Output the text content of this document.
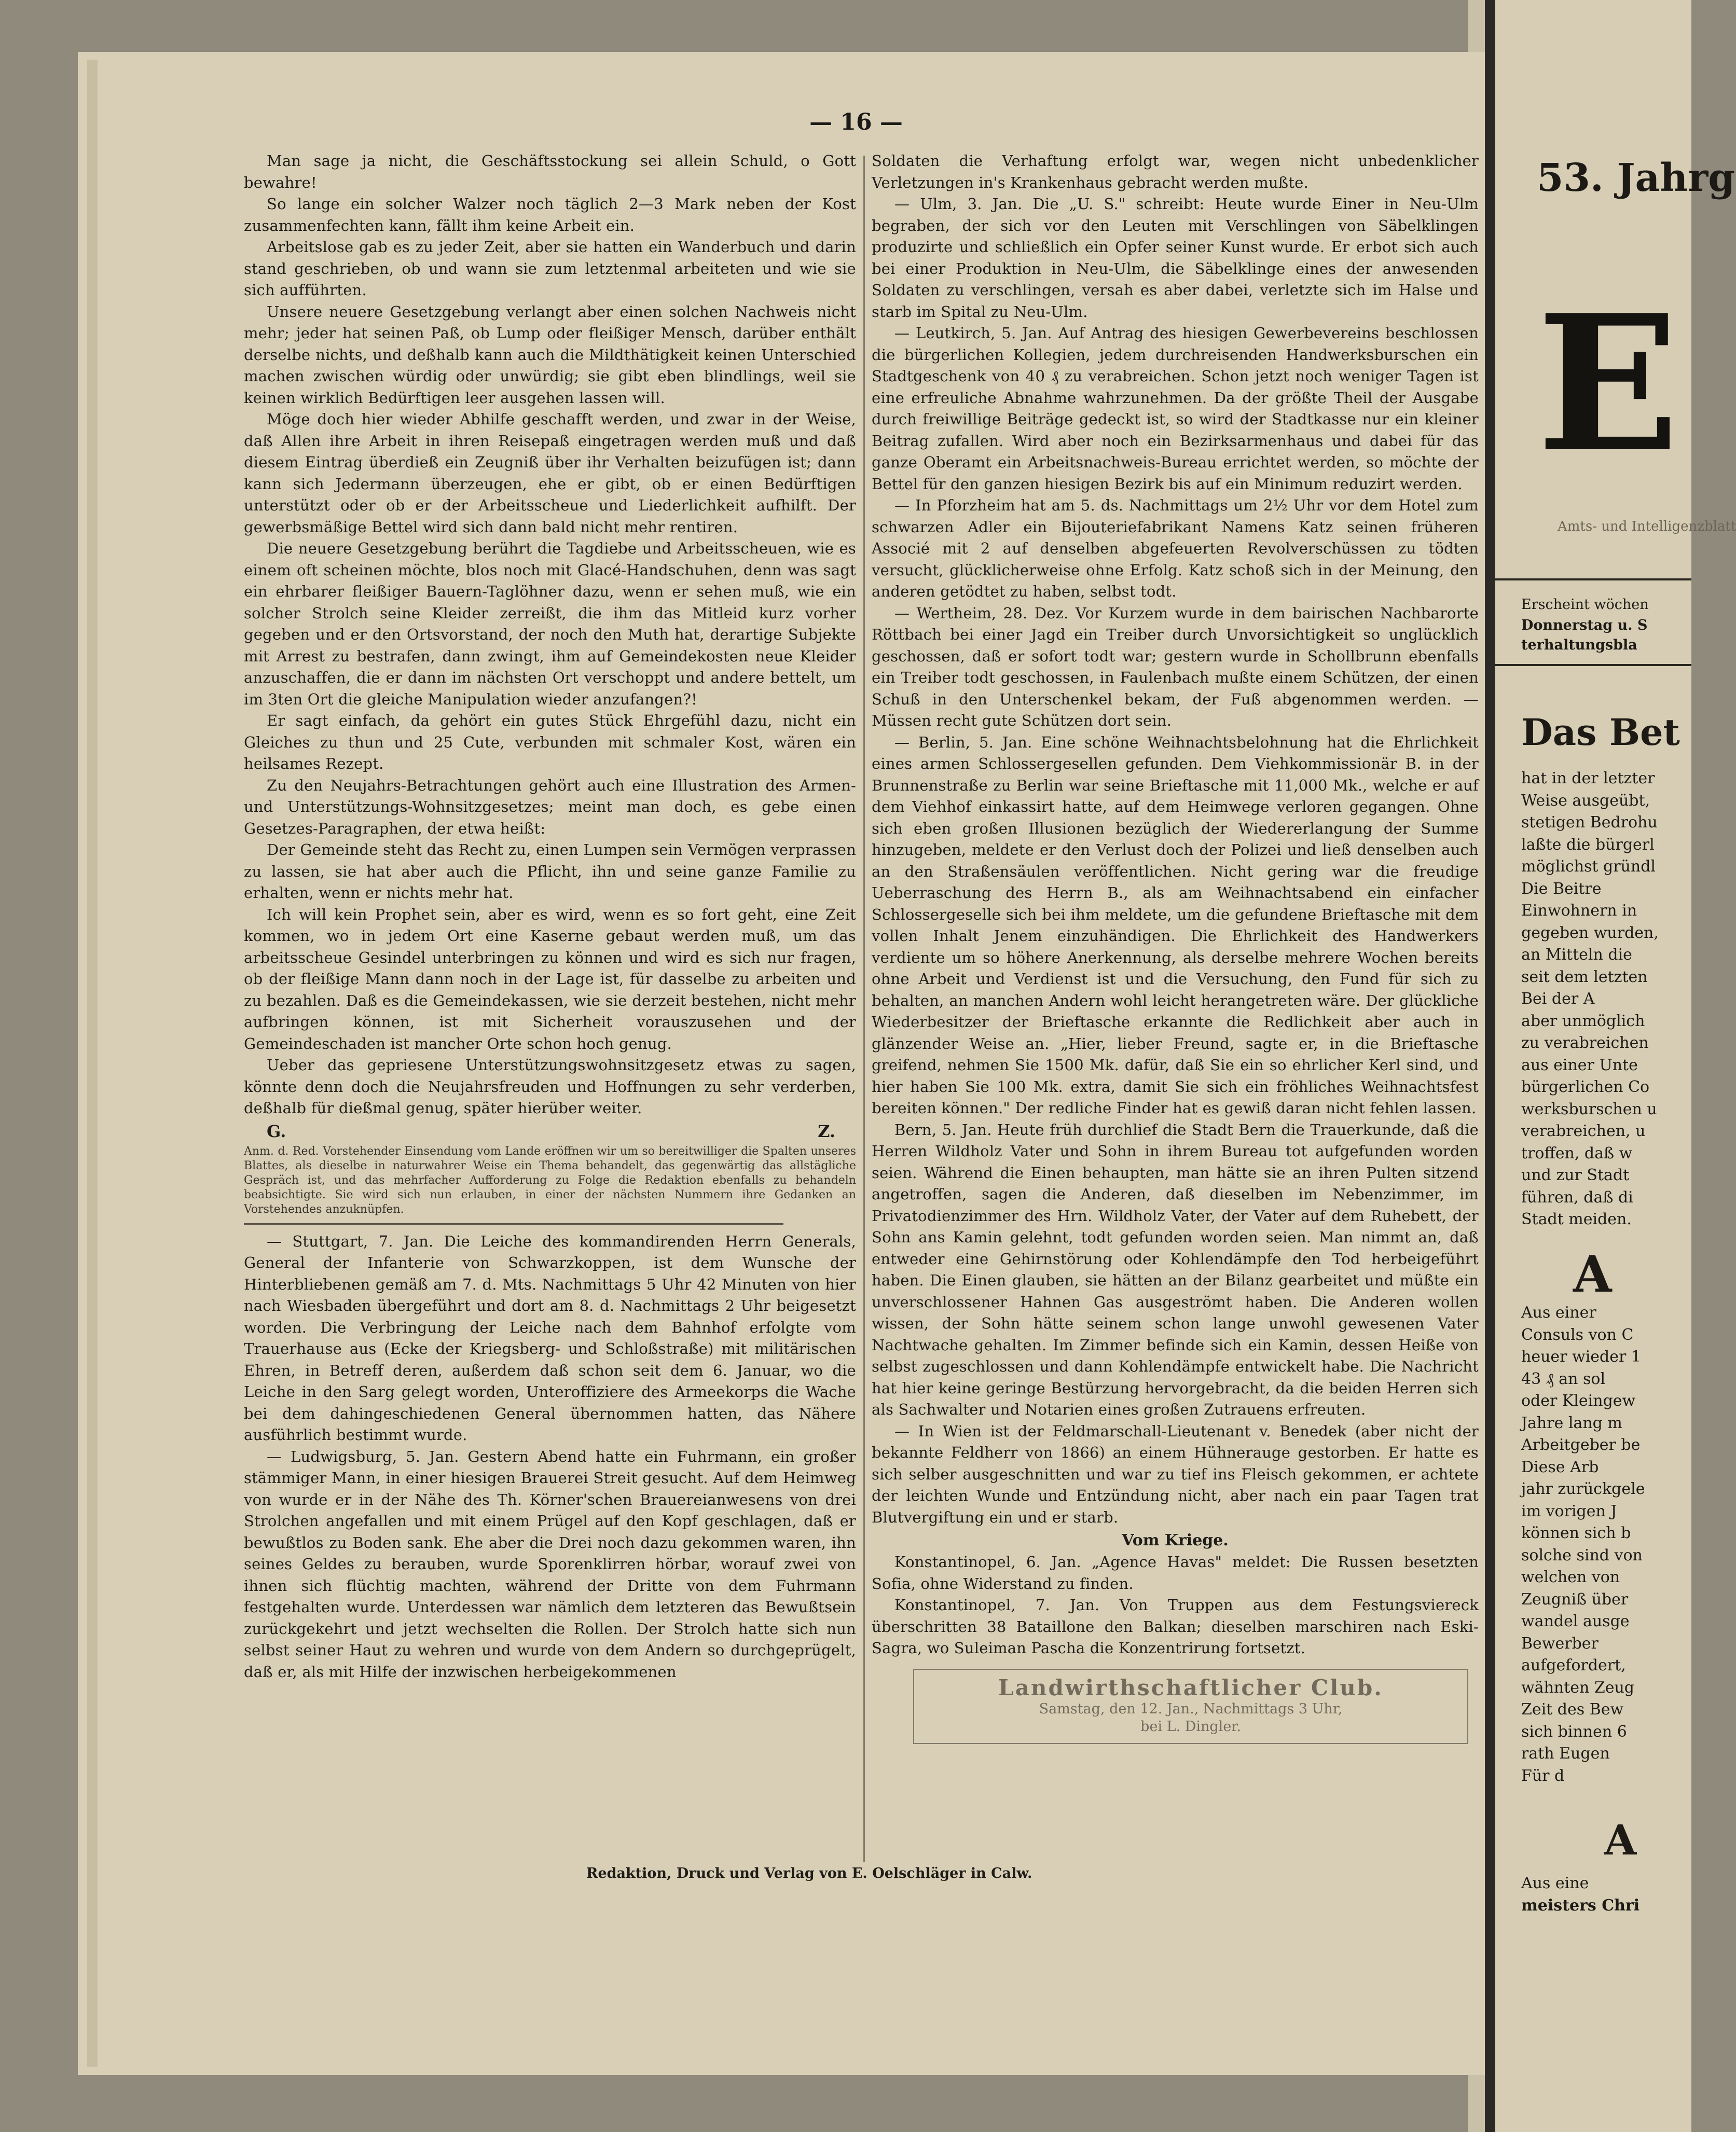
— 16 —

Man sage ja nicht, die Geschäftsstockung sei allein Schuld, o Gott bewahre!

So lange ein solcher Walzer noch täglich 2—3 Mark neben der Kost zusammenfechten kann, fällt ihm keine Arbeit ein.

Arbeitslose gab es zu jeder Zeit, aber sie hatten ein Wanderbuch und darin stand geschrieben, ob und wann sie zum letztenmal arbeiteten und wie sie sich aufführten.

Unsere neuere Gesetzgebung verlangt aber einen solchen Nachweis nicht mehr; jeder hat seinen Paß, ob Lump oder fleißiger Mensch, darüber enthält derselbe nichts, und deßhalb kann auch die Mildthätigkeit keinen Unterschied machen zwischen würdig oder unwürdig; sie gibt eben blindlings, weil sie keinen wirklich Bedürftigen leer ausgehen lassen will.

Möge doch hier wieder Abhilfe geschafft werden, und zwar in der Weise, daß Allen ihre Arbeit in ihren Reisepaß eingetragen werden muß und daß diesem Eintrag überdieß ein Zeugniß über ihr Verhalten beizufügen ist; dann kann sich Jedermann überzeugen, ehe er gibt, ob er einen Bedürftigen unterstützt oder ob er der Arbeitsscheue und Liederlichkeit aufhilft. Der gewerbsmäßige Bettel wird sich dann bald nicht mehr rentiren.

Die neuere Gesetzgebung berührt die Tagdiebe und Arbeitsscheuen, wie es einem oft scheinen möchte, blos noch mit Glacé-Handschuhen, denn was sagt ein ehrbarer fleißiger Bauern-Taglöhner dazu, wenn er sehen muß, wie ein solcher Strolch seine Kleider zerreißt, die ihm das Mitleid kurz vorher gegeben und er den Ortsvorstand, der noch den Muth hat, derartige Subjekte mit Arrest zu bestrafen, dann zwingt, ihm auf Gemeindekosten neue Kleider anzuschaffen, die er dann im nächsten Ort verschoppt und andere bettelt, um im 3ten Ort die gleiche Manipulation wieder anzufangen?!

Er sagt einfach, da gehört ein gutes Stück Ehrgefühl dazu, nicht ein Gleiches zu thun und 25 Cute, verbunden mit schmaler Kost, wären ein heilsames Rezept.

Zu den Neujahrs-Betrachtungen gehört auch eine Illustration des Armen- und Unterstützungs-Wohnsitzgesetzes; meint man doch, es gebe einen Gesetzes-Paragraphen, der etwa heißt:

Der Gemeinde steht das Recht zu, einen Lumpen sein Vermögen verprassen zu lassen, sie hat aber auch die Pflicht, ihn und seine ganze Familie zu erhalten, wenn er nichts mehr hat.

Ich will kein Prophet sein, aber es wird, wenn es so fort geht, eine Zeit kommen, wo in jedem Ort eine Kaserne gebaut werden muß, um das arbeitsscheue Gesindel unterbringen zu können und wird es sich nur fragen, ob der fleißige Mann dann noch in der Lage ist, für dasselbe zu arbeiten und zu bezahlen. Daß es die Gemeindekassen, wie sie derzeit bestehen, nicht mehr aufbringen können, ist mit Sicherheit vorauszusehen und der Gemeindeschaden ist mancher Orte schon hoch genug.

Ueber das gepriesene Unterstützungswohnsitzgesetz etwas zu sagen, könnte denn doch die Neujahrsfreuden und Hoffnungen zu sehr verderben, deßhalb für dießmal genug, später hierüber weiter.

G.	Z.

Anm. d. Red. Vorstehender Einsendung vom Lande eröffnen wir um so bereitwilliger die Spalten unseres Blattes, als dieselbe in naturwahrer Weise ein Thema behandelt, das gegenwärtig das allstägliche Gespräch ist, und das mehrfacher Aufforderung zu Folge die Redaktion ebenfalls zu behandeln beabsichtigte. Sie wird sich nun erlauben, in einer der nächsten Nummern ihre Gedanken an Vorstehendes anzuknüpfen.

— Stuttgart, 7. Jan. Die Leiche des kommandirenden Herrn Generals, General der Infanterie von Schwarzkoppen, ist dem Wunsche der Hinterbliebenen gemäß am 7. d. Mts. Nachmittags 5 Uhr 42 Minuten von hier nach Wiesbaden übergeführt und dort am 8. d. Nachmittags 2 Uhr beigesetzt worden. Die Verbringung der Leiche nach dem Bahnhof erfolgte vom Trauerhause aus (Ecke der Kriegsberg- und Schloßstraße) mit militärischen Ehren, in Betreff deren, außerdem daß schon seit dem 6. Januar, wo die Leiche in den Sarg gelegt worden, Unteroffiziere des Armeekorps die Wache bei dem dahingeschiedenen General übernommen hatten, das Nähere ausführlich bestimmt wurde.

— Ludwigsburg, 5. Jan. Gestern Abend hatte ein Fuhrmann, ein großer stämmiger Mann, in einer hiesigen Brauerei Streit gesucht. Auf dem Heimweg von wurde er in der Nähe des Th. Körner'schen Brauereianwesens von drei Strolchen angefallen und mit einem Prügel auf den Kopf geschlagen, daß er bewußtlos zu Boden sank. Ehe aber die Drei noch dazu gekommen waren, ihn seines Geldes zu berauben, wurde Sporenklirren hörbar, worauf zwei von ihnen sich flüchtig machten, während der Dritte von dem Fuhrmann festgehalten wurde. Unterdessen war nämlich dem letzteren das Bewußtsein zurückgekehrt und jetzt wechselten die Rollen. Der Strolch hatte sich nun selbst seiner Haut zu wehren und wurde von dem Andern so durchgeprügelt, daß er, als mit Hilfe der inzwischen herbeigekommenen

Soldaten die Verhaftung erfolgt war, wegen nicht unbedenklicher Verletzungen in's Krankenhaus gebracht werden mußte.

— Ulm, 3. Jan. Die „U. S." schreibt: Heute wurde Einer in Neu-Ulm begraben, der sich vor den Leuten mit Verschlingen von Säbelklingen produzirte und schließlich ein Opfer seiner Kunst wurde. Er erbot sich auch bei einer Produktion in Neu-Ulm, die Säbelklinge eines der anwesenden Soldaten zu verschlingen, versah es aber dabei, verletzte sich im Halse und starb im Spital zu Neu-Ulm.

— Leutkirch, 5. Jan. Auf Antrag des hiesigen Gewerbevereins beschlossen die bürgerlichen Kollegien, jedem durchreisenden Handwerksburschen ein Stadtgeschenk von 40 ₰ zu verabreichen. Schon jetzt noch weniger Tagen ist eine erfreuliche Abnahme wahrzunehmen. Da der größte Theil der Ausgabe durch freiwillige Beiträge gedeckt ist, so wird der Stadtkasse nur ein kleiner Beitrag zufallen. Wird aber noch ein Bezirksarmenhaus und dabei für das ganze Oberamt ein Arbeitsnachweis-Bureau errichtet werden, so möchte der Bettel für den ganzen hiesigen Bezirk bis auf ein Minimum reduzirt werden.

— In Pforzheim hat am 5. ds. Nachmittags um 2½ Uhr vor dem Hotel zum schwarzen Adler ein Bijouteriefabrikant Namens Katz seinen früheren Associé mit 2 auf denselben abgefeuerten Revolverschüssen zu tödten versucht, glücklicherweise ohne Erfolg. Katz schoß sich in der Meinung, den anderen getödtet zu haben, selbst todt.

— Wertheim, 28. Dez. Vor Kurzem wurde in dem bairischen Nachbarorte Röttbach bei einer Jagd ein Treiber durch Unvorsichtigkeit so unglücklich geschossen, daß er sofort todt war; gestern wurde in Schollbrunn ebenfalls ein Treiber todt geschossen, in Faulenbach mußte einem Schützen, der einen Schuß in den Unterschenkel bekam, der Fuß abgenommen werden. — Müssen recht gute Schützen dort sein.

— Berlin, 5. Jan. Eine schöne Weihnachtsbelohnung hat die Ehrlichkeit eines armen Schlossergesellen gefunden. Dem Viehkommissionär B. in der Brunnenstraße zu Berlin war seine Brieftasche mit 11,000 Mk., welche er auf dem Viehhof einkassirt hatte, auf dem Heimwege verloren gegangen. Ohne sich eben großen Illusionen bezüglich der Wiedererlangung der Summe hinzugeben, meldete er den Verlust doch der Polizei und ließ denselben auch an den Straßensäulen veröffentlichen. Nicht gering war die freudige Ueberraschung des Herrn B., als am Weihnachtsabend ein einfacher Schlossergeselle sich bei ihm meldete, um die gefundene Brieftasche mit dem vollen Inhalt Jenem einzuhändigen. Die Ehrlichkeit des Handwerkers verdiente um so höhere Anerkennung, als derselbe mehrere Wochen bereits ohne Arbeit und Verdienst ist und die Versuchung, den Fund für sich zu behalten, an manchen Andern wohl leicht herangetreten wäre. Der glückliche Wiederbesitzer der Brieftasche erkannte die Redlichkeit aber auch in glänzender Weise an. „Hier, lieber Freund, sagte er, in die Brieftasche greifend, nehmen Sie 1500 Mk. dafür, daß Sie ein so ehrlicher Kerl sind, und hier haben Sie 100 Mk. extra, damit Sie sich ein fröhliches Weihnachtsfest bereiten können." Der redliche Finder hat es gewiß daran nicht fehlen lassen.

Bern, 5. Jan. Heute früh durchlief die Stadt Bern die Trauerkunde, daß die Herren Wildholz Vater und Sohn in ihrem Bureau tot aufgefunden worden seien. Während die Einen behaupten, man hätte sie an ihren Pulten sitzend angetroffen, sagen die Anderen, daß dieselben im Nebenzimmer, im Privatodienzimmer des Hrn. Wildholz Vater, der Vater auf dem Ruhebett, der Sohn ans Kamin gelehnt, todt gefunden worden seien. Man nimmt an, daß entweder eine Gehirnstörung oder Kohlendämpfe den Tod herbeigeführt haben. Die Einen glauben, sie hätten an der Bilanz gearbeitet und müßte ein unverschlossener Hahnen Gas ausgeströmt haben. Die Anderen wollen wissen, der Sohn hätte seinem schon lange unwohl gewesenen Vater Nachtwache gehalten. Im Zimmer befinde sich ein Kamin, dessen Heiße von selbst zugeschlossen und dann Kohlendämpfe entwickelt habe. Die Nachricht hat hier keine geringe Bestürzung hervorgebracht, da die beiden Herren sich als Sachwalter und Notarien eines großen Zutrauens erfreuten.

— In Wien ist der Feldmarschall-Lieutenant v. Benedek (aber nicht der bekannte Feldherr von 1866) an einem Hühnerauge gestorben. Er hatte es sich selber ausgeschnitten und war zu tief ins Fleisch gekommen, er achtete der leichten Wunde und Entzündung nicht, aber nach ein paar Tagen trat Blutvergiftung ein und er starb.

Vom Kriege.

Konstantinopel, 6. Jan. „Agence Havas" meldet: Die Russen besetzten Sofia, ohne Widerstand zu finden.

Konstantinopel, 7. Jan. Von Truppen aus dem Festungsviereck überschritten 38 Bataillone den Balkan; dieselben marschiren nach Eski-Sagra, wo Suleiman Pascha die Konzentrirung fortsetzt.

Landwirthschaftlicher Club.
Samstag, den 12. Jan., Nachmittags 3 Uhr,
bei L. Dingler.
Redaktion, Druck und Verlag von E. Oelschläger in Calw.
53. Jahrg
E
Amts- und Intelligenzblatt
Erscheint wöchen
Donnerstag u. S
terhaltungsbla
Das Bet
hat in der letzter
Weise ausgeübt,
stetigen Bedrohu
laßte die bürgerl
möglichst gründl
Die Beitre
Einwohnern in
gegeben wurden,
an Mitteln die
seit dem letzten
Bei der A
aber unmöglich
zu verabreichen
aus einer Unte
bürgerlichen Co
werksburschen u
verabreichen, u
troffen, daß w
und zur Stadt
führen, daß di
Stadt meiden.
A
Aus einer
Consuls von C
heuer wieder 1
43 ₰ an sol
oder Kleingew
Jahre lang m
Arbeitgeber be
Diese Arb
jahr zurückgele
im vorigen J
können sich b
solche sind von
welchen von
Zeugniß über
wandel ausge
Bewerber
aufgefordert,
wähnten Zeug
Zeit des Bew
sich binnen 6
rath Eugen
Für d
A
Aus eine
meisters Chri
